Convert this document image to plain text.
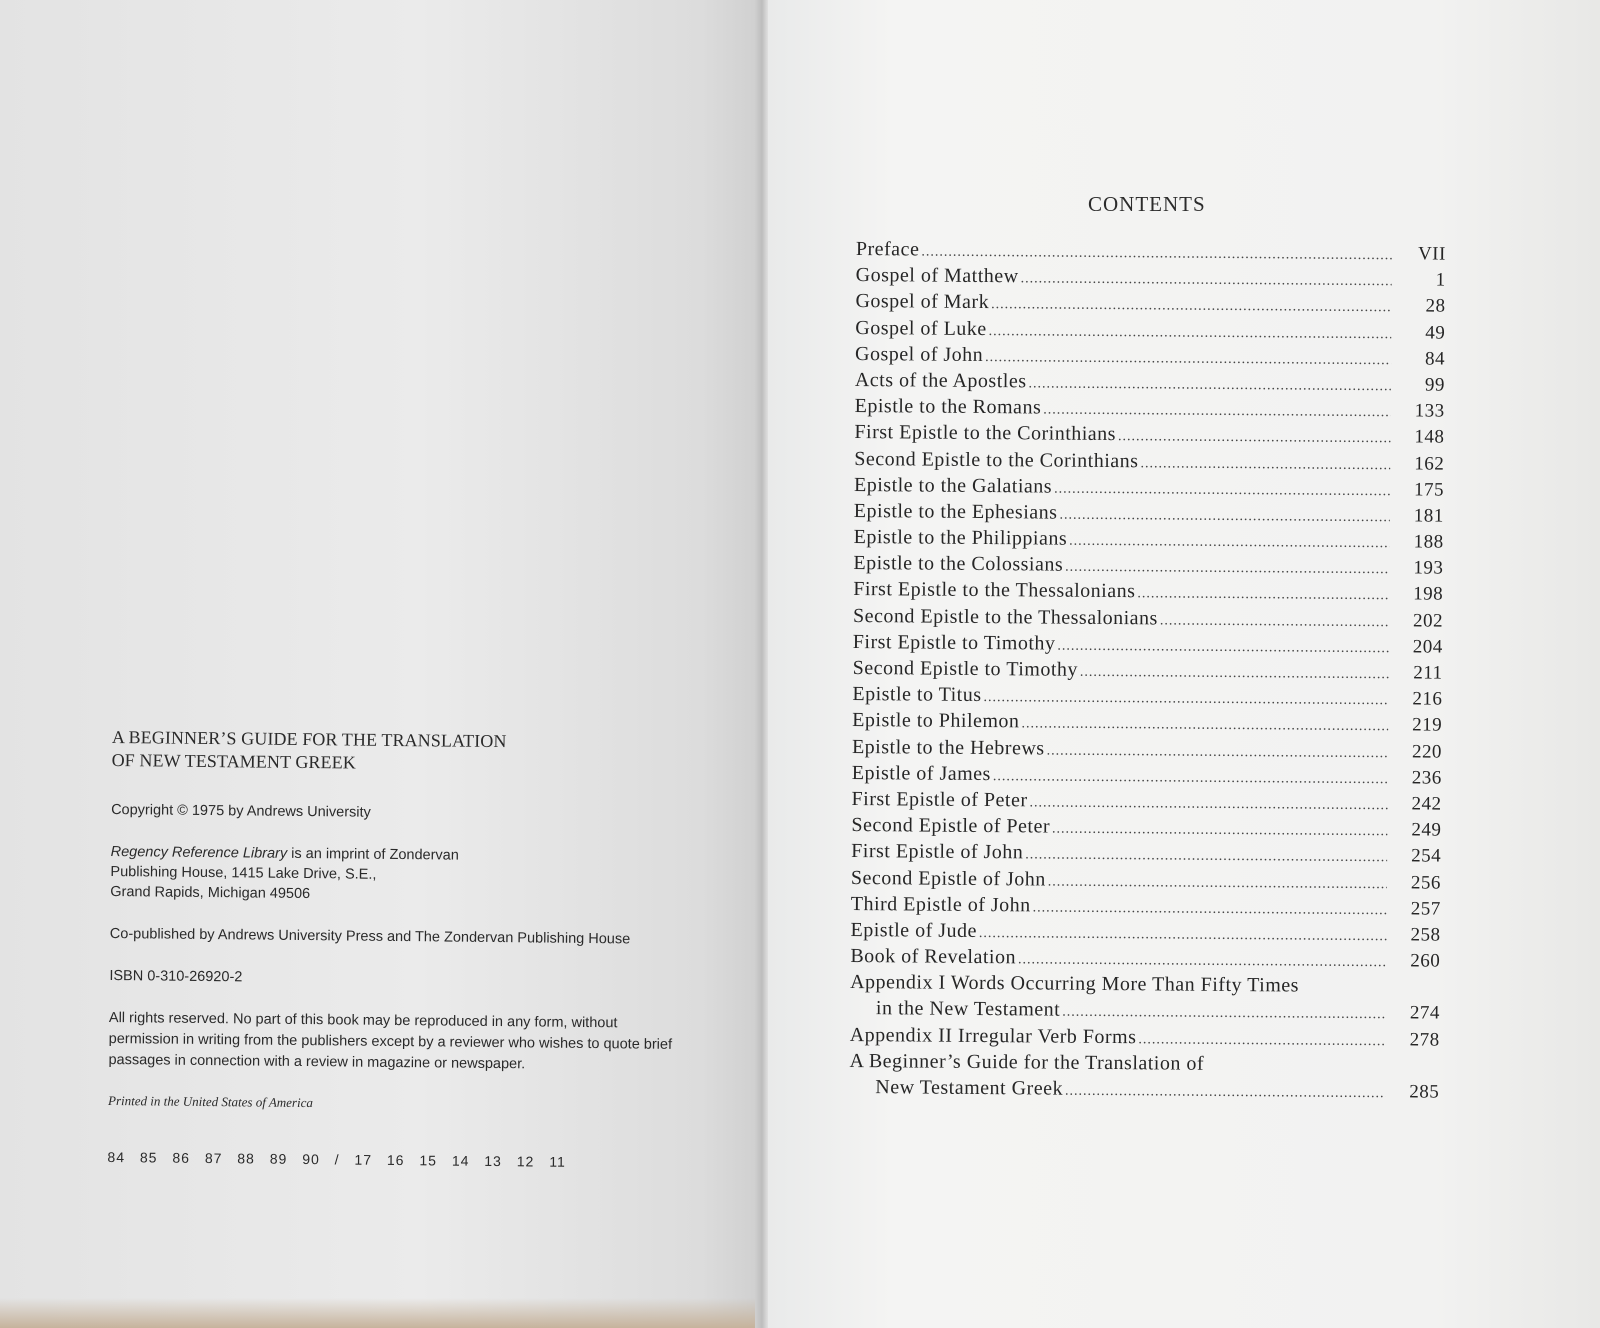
A BEGINNER’S GUIDE FOR THE TRANSLATION
OF NEW TESTAMENT GREEK

Copyright © 1975 by Andrews University

Regency Reference Library is an imprint of Zondervan

Publishing House, 1415 Lake Drive, S.E.,

Grand Rapids, Michigan 49506

Co-published by Andrews University Press and The Zondervan Publishing House

ISBN 0-310-26920-2

All rights reserved. No part of this book may be reproduced in any form, without permission in writing from the publishers except by a reviewer who wishes to quote brief passages in connection with a review in magazine or newspaper.

Printed in the United States of America

84 85 86 87 88 89 90 / 17 16 15 14 13 12 11

CONTENTS
Preface .....	VII
Gospel of Matthew .....	1
Gospel of Mark .....	28
Gospel of Luke .....	49
Gospel of John .....	84
Acts of the Apostles .....	99
Epistle to the Romans .....	133
First Epistle to the Corinthians .....	148
Second Epistle to the Corinthians .....	162
Epistle to the Galatians .....	175
Epistle to the Ephesians .....	181
Epistle to the Philippians .....	188
Epistle to the Colossians .....	193
First Epistle to the Thessalonians .....	198
Second Epistle to the Thessalonians .....	202
First Epistle to Timothy .....	204
Second Epistle to Timothy .....	211
Epistle to Titus .....	216
Epistle to Philemon .....	219
Epistle to the Hebrews .....	220
Epistle of James .....	236
First Epistle of Peter .....	242
Second Epistle of Peter .....	249
First Epistle of John .....	254
Second Epistle of John .....	256
Third Epistle of John .....	257
Epistle of Jude .....	258
Book of Revelation .....	260
Appendix I Words Occurring More Than Fifty Times
in the New Testament .....	274
Appendix II Irregular Verb Forms .....	278
A Beginner’s Guide for the Translation of
New Testament Greek .....	285
